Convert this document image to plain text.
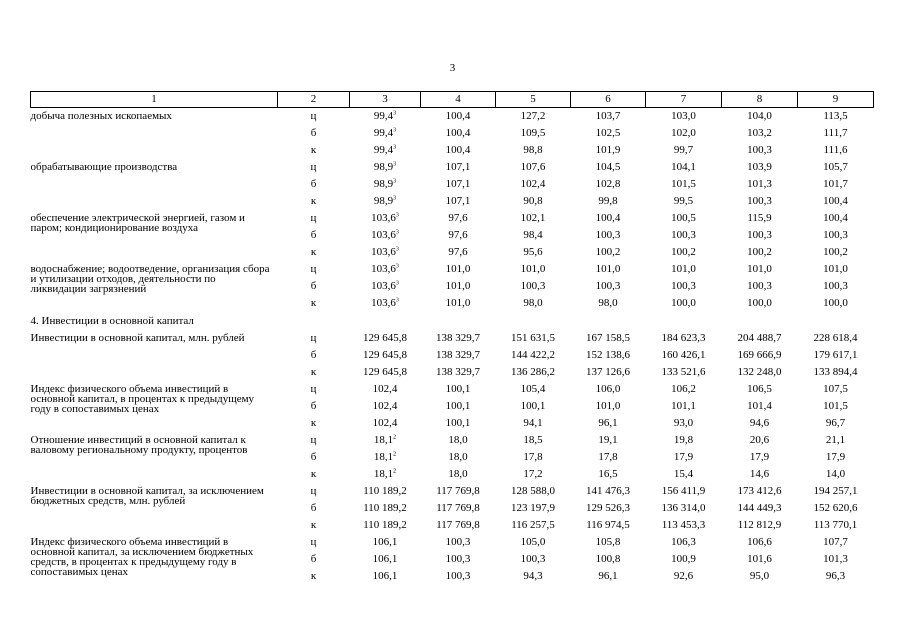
3
1	2	3	4	5	6	7	8	9
добыча полезных ископаемых	ц	99,4$^3$	100,4	127,2	103,7	103,0	104,0	113,5
	б	99,4$^3$	100,4	109,5	102,5	102,0	103,2	111,7
	к	99,4$^3$	100,4	98,8	101,9	99,7	100,3	111,6
обрабатывающие производства	ц	98,9$^3$	107,1	107,6	104,5	104,1	103,9	105,7
	б	98,9$^3$	107,1	102,4	102,8	101,5	101,3	101,7
	к	98,9$^3$	107,1	90,8	99,8	99,5	100,3	100,4
обеспечение электрической энергией, газом и паром; кондиционирование воздуха	ц	103,6$^3$	97,6	102,1	100,4	100,5	115,9	100,4
	б	103,6$^3$	97,6	98,4	100,3	100,3	100,3	100,3
	к	103,6$^3$	97,6	95,6	100,2	100,2	100,2	100,2
водоснабжение; водоотведение, организация сбора и утилизации отходов, деятельности по ликвидации загрязнений	ц	103,6$^3$	101,0	101,0	101,0	101,0	101,0	101,0
	б	103,6$^3$	101,0	100,3	100,3	100,3	100,3	100,3
	к	103,6$^3$	101,0	98,0	98,0	100,0	100,0	100,0
4. Инвестиции в основной капитал								
Инвестиции в основной капитал, млн. рублей	ц	129 645,8	138 329,7	151 631,5	167 158,5	184 623,3	204 488,7	228 618,4
	б	129 645,8	138 329,7	144 422,2	152 138,6	160 426,1	169 666,9	179 617,1
	к	129 645,8	138 329,7	136 286,2	137 126,6	133 521,6	132 248,0	133 894,4
Индекс физического объема инвестиций в основной капитал, в процентах к предыдущему году в сопоставимых ценах	ц	102,4	100,1	105,4	106,0	106,2	106,5	107,5
	б	102,4	100,1	100,1	101,0	101,1	101,4	101,5
	к	102,4	100,1	94,1	96,1	93,0	94,6	96,7
Отношение инвестиций в основной капитал к валовому региональному продукту, процентов	ц	18,1$^2$	18,0	18,5	19,1	19,8	20,6	21,1
	б	18,1$^2$	18,0	17,8	17,8	17,9	17,9	17,9
	к	18,1$^2$	18,0	17,2	16,5	15,4	14,6	14,0
Инвестиции в основной капитал, за исключением бюджетных средств, млн. рублей	ц	110 189,2	117 769,8	128 588,0	141 476,3	156 411,9	173 412,6	194 257,1
	б	110 189,2	117 769,8	123 197,9	129 526,3	136 314,0	144 449,3	152 620,6
	к	110 189,2	117 769,8	116 257,5	116 974,5	113 453,3	112 812,9	113 770,1
Индекс физического объема инвестиций в основной капитал, за исключением бюджетных средств, в процентах к предыдущему году в сопоставимых ценах	ц	106,1	100,3	105,0	105,8	106,3	106,6	107,7
	б	106,1	100,3	100,3	100,8	100,9	101,6	101,3
	к	106,1	100,3	94,3	96,1	92,6	95,0	96,3
